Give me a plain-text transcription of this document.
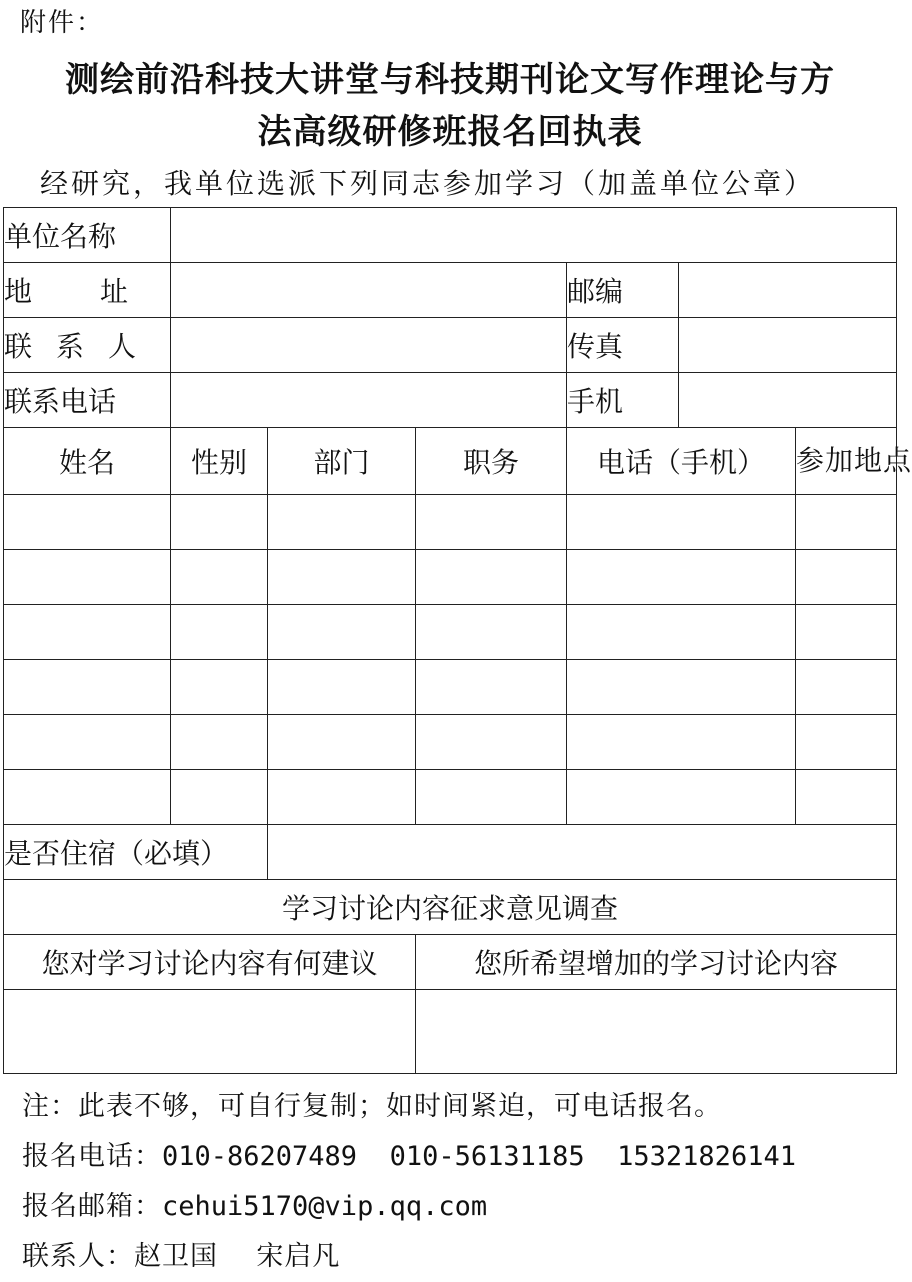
附件：
测绘前沿科技大讲堂与科技期刊论文写作理论与方
法高级研修班报名回执表
经研究，我单位选派下列同志参加学习（加盖单位公章）
单位名称						
地址				邮编		
联系人				传真		
联系电话				手机		
姓名	性别	部门	职务	电话（手机）		参加地点

是否住宿（必填）						
学习讨论内容征求意见调查						
您对学习讨论内容有何建议			您所希望增加的学习讨论内容			

注：此表不够，可自行复制；如时间紧迫，可电话报名。
报名电话：010-86207489  010-56131185  15321826141
报名邮箱：cehui5170@vip.qq.com
联系人：赵卫国    宋启凡
